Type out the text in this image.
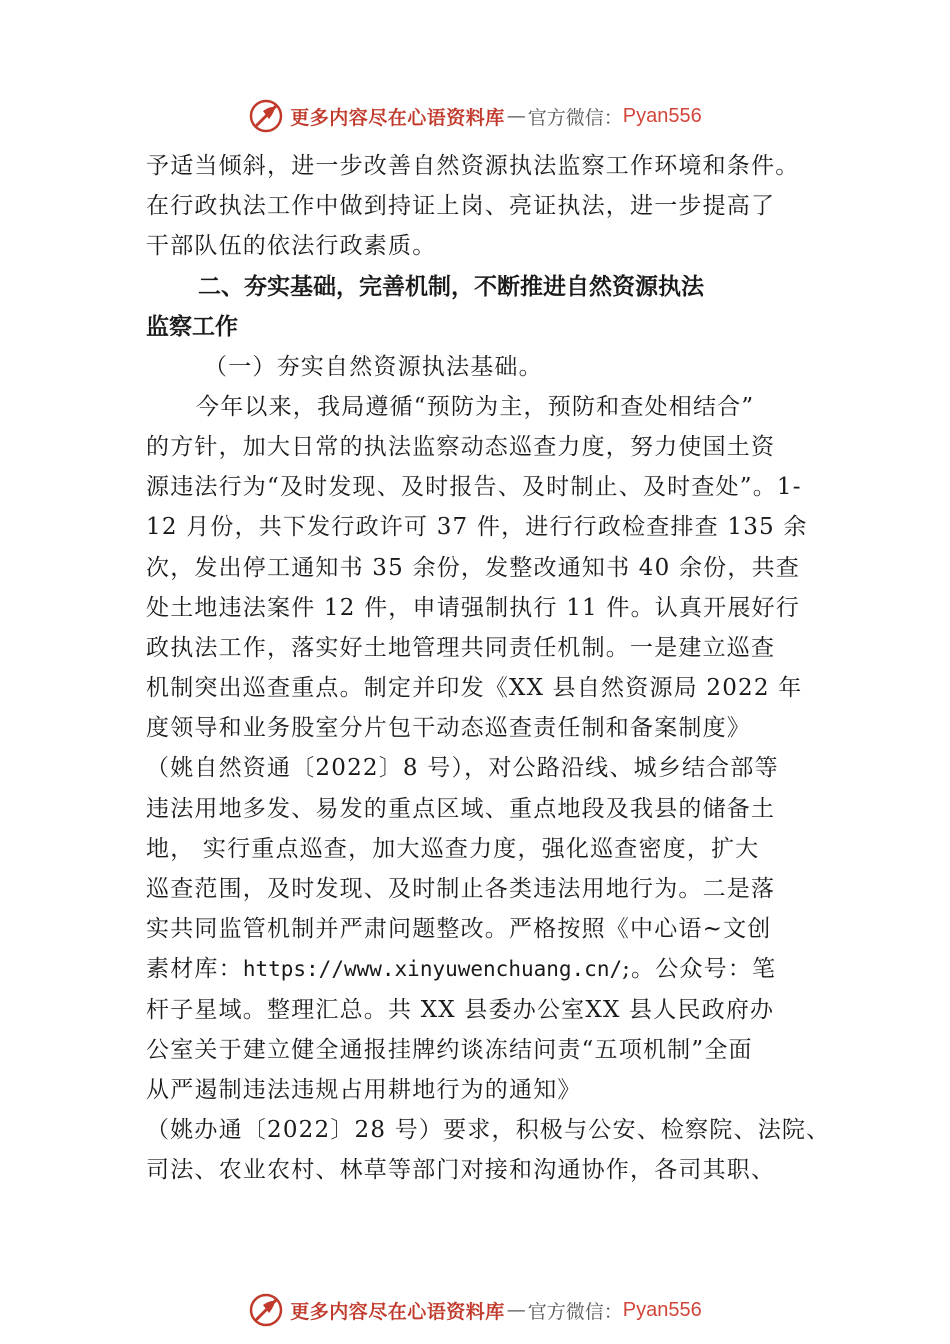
更多内容尽在心语资料库 — 官方微信： Pyan556
予适当倾斜，进一步改善自然资源执法监察工作环境和条件。
在行政执法工作中做到持证上岗、亮证执法，进一步提高了
干部队伍的依法行政素质。
二、夯实基础，完善机制，不断推进自然资源执法
监察工作
（一）夯实自然资源执法基础。
今年以来，我局遵循“预防为主，预防和查处相结合”
的方针，加大日常的执法监察动态巡查力度，努力使国土资
源违法行为“及时发现、及时报告、及时制止、及时查处”。1-
12 月份，共下发行政许可 37 件，进行行政检查排查 135 余
次，发出停工通知书 35 余份，发整改通知书 40 余份，共查
处土地违法案件 12 件，申请强制执行 11 件。认真开展好行
政执法工作，落实好土地管理共同责任机制。一是建立巡查
机制突出巡查重点。制定并印发《XX 县自然资源局 2022 年
度领导和业务股室分片包干动态巡查责任制和备案制度》
（姚自然资通〔2022〕8 号），对公路沿线、城乡结合部等
违法用地多发、易发的重点区域、重点地段及我县的储备土
地， 实行重点巡查，加大巡查力度，强化巡查密度，扩大
巡查范围，及时发现、及时制止各类违法用地行为。二是落
实共同监管机制并严肃问题整改。严格按照《中心语~文创
素材库：https://www.xinyuwenchuang.cn/;。公众号：笔
杆子星域。整理汇总。共 XX 县委办公室XX 县人民政府办
公室关于建立健全通报挂牌约谈冻结问责“五项机制”全面
从严遏制违法违规占用耕地行为的通知》
（姚办通〔2022〕28 号）要求，积极与公安、检察院、法院、
司法、农业农村、林草等部门对接和沟通协作，各司其职、
更多内容尽在心语资料库 — 官方微信： Pyan556
